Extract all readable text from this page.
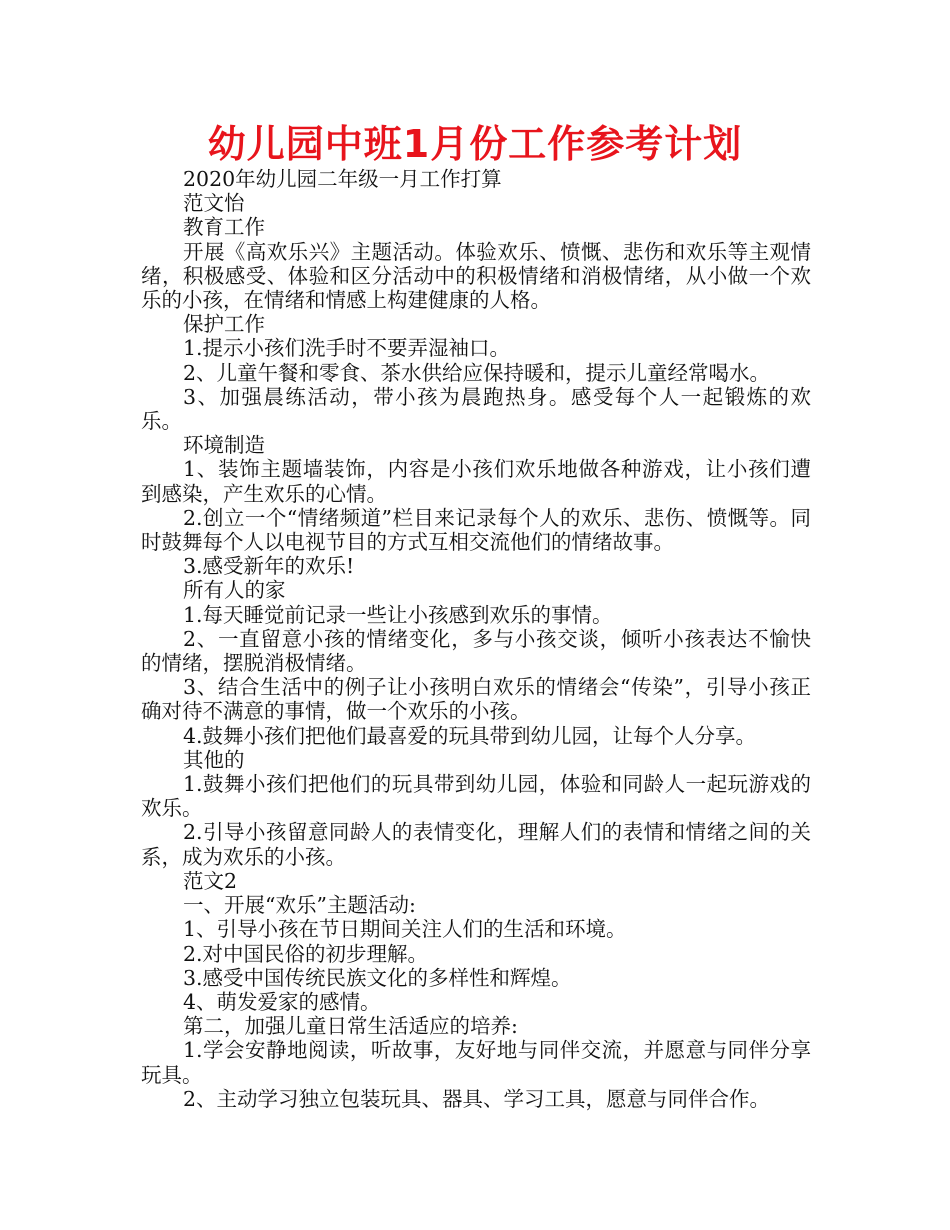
幼儿园中班1月份工作参考计划

2020年幼儿园二年级一月工作打算

范文怡

教育工作

开展《高欢乐兴》主题活动。体验欢乐、愤慨、悲伤和欢乐等主观情绪，积极感受、体验和区分活动中的积极情绪和消极情绪，从小做一个欢乐的小孩，在情绪和情感上构建健康的人格。

保护工作

1.提示小孩们洗手时不要弄湿袖口。

2、儿童午餐和零食、茶水供给应保持暖和，提示儿童经常喝水。

3、加强晨练活动，带小孩为晨跑热身。感受每个人一起锻炼的欢乐。

环境制造

1、装饰主题墙装饰，内容是小孩们欢乐地做各种游戏，让小孩们遭到感染，产生欢乐的心情。

2.创立一个“情绪频道”栏目来记录每个人的欢乐、悲伤、愤慨等。同时鼓舞每个人以电视节目的方式互相交流他们的情绪故事。

3.感受新年的欢乐!

所有人的家

1.每天睡觉前记录一些让小孩感到欢乐的事情。

2、一直留意小孩的情绪变化，多与小孩交谈，倾听小孩表达不愉快的情绪，摆脱消极情绪。

3、结合生活中的例子让小孩明白欢乐的情绪会“传染”，引导小孩正确对待不满意的事情，做一个欢乐的小孩。

4.鼓舞小孩们把他们最喜爱的玩具带到幼儿园，让每个人分享。

其他的

1.鼓舞小孩们把他们的玩具带到幼儿园，体验和同龄人一起玩游戏的欢乐。

2.引导小孩留意同龄人的表情变化，理解人们的表情和情绪之间的关系，成为欢乐的小孩。

范文2

一、开展“欢乐”主题活动:

1、引导小孩在节日期间关注人们的生活和环境。

2.对中国民俗的初步理解。

3.感受中国传统民族文化的多样性和辉煌。

4、萌发爱家的感情。

第二，加强儿童日常生活适应的培养:

1.学会安静地阅读，听故事，友好地与同伴交流，并愿意与同伴分享玩具。

2、主动学习独立包装玩具、器具、学习工具，愿意与同伴合作。
